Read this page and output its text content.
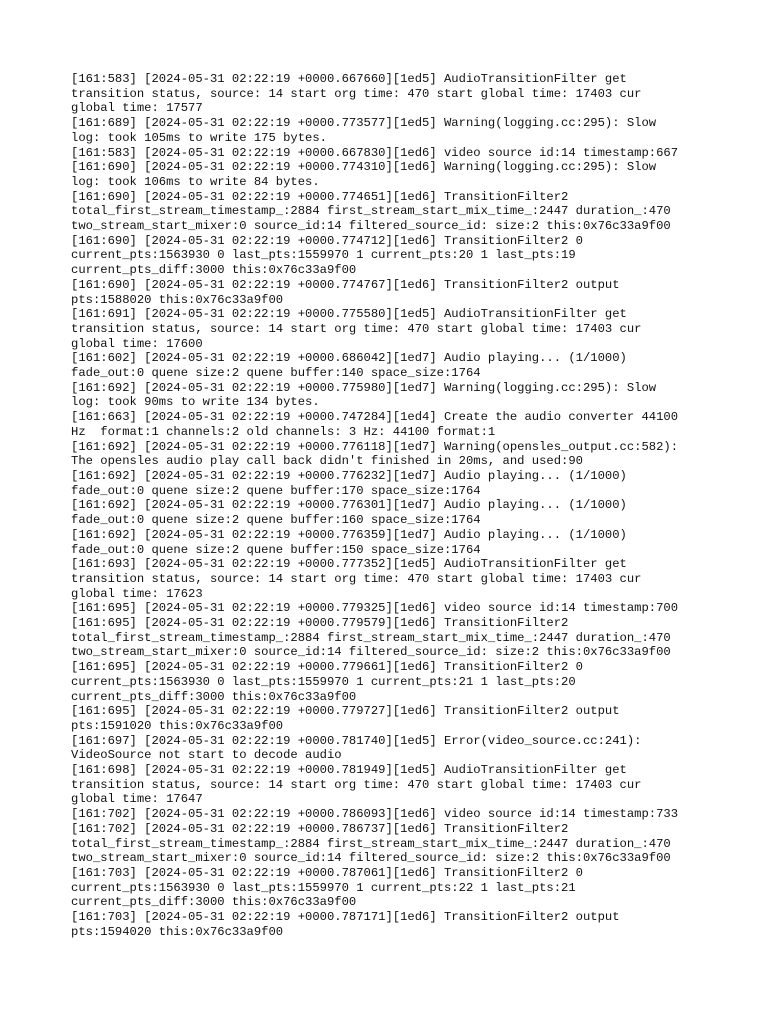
[161:583] [2024-05-31 02:22:19 +0000.667660][1ed5] AudioTransitionFilter get
transition status, source: 14 start org time: 470 start global time: 17403 cur
global time: 17577
[161:689] [2024-05-31 02:22:19 +0000.773577][1ed5] Warning(logging.cc:295): Slow
log: took 105ms to write 175 bytes.
[161:583] [2024-05-31 02:22:19 +0000.667830][1ed6] video source id:14 timestamp:667
[161:690] [2024-05-31 02:22:19 +0000.774310][1ed6] Warning(logging.cc:295): Slow
log: took 106ms to write 84 bytes.
[161:690] [2024-05-31 02:22:19 +0000.774651][1ed6] TransitionFilter2
total_first_stream_timestamp_:2884 first_stream_start_mix_time_:2447 duration_:470
two_stream_start_mixer:0 source_id:14 filtered_source_id: size:2 this:0x76c33a9f00
[161:690] [2024-05-31 02:22:19 +0000.774712][1ed6] TransitionFilter2 0
current_pts:1563930 0 last_pts:1559970 1 current_pts:20 1 last_pts:19
current_pts_diff:3000 this:0x76c33a9f00
[161:690] [2024-05-31 02:22:19 +0000.774767][1ed6] TransitionFilter2 output
pts:1588020 this:0x76c33a9f00
[161:691] [2024-05-31 02:22:19 +0000.775580][1ed5] AudioTransitionFilter get
transition status, source: 14 start org time: 470 start global time: 17403 cur
global time: 17600
[161:602] [2024-05-31 02:22:19 +0000.686042][1ed7] Audio playing... (1/1000)
fade_out:0 quene size:2 quene buffer:140 space_size:1764
[161:692] [2024-05-31 02:22:19 +0000.775980][1ed7] Warning(logging.cc:295): Slow
log: took 90ms to write 134 bytes.
[161:663] [2024-05-31 02:22:19 +0000.747284][1ed4] Create the audio converter 44100
Hz  format:1 channels:2 old channels: 3 Hz: 44100 format:1
[161:692] [2024-05-31 02:22:19 +0000.776118][1ed7] Warning(opensles_output.cc:582):
The opensles audio play call back didn't finished in 20ms, and used:90
[161:692] [2024-05-31 02:22:19 +0000.776232][1ed7] Audio playing... (1/1000)
fade_out:0 quene size:2 quene buffer:170 space_size:1764
[161:692] [2024-05-31 02:22:19 +0000.776301][1ed7] Audio playing... (1/1000)
fade_out:0 quene size:2 quene buffer:160 space_size:1764
[161:692] [2024-05-31 02:22:19 +0000.776359][1ed7] Audio playing... (1/1000)
fade_out:0 quene size:2 quene buffer:150 space_size:1764
[161:693] [2024-05-31 02:22:19 +0000.777352][1ed5] AudioTransitionFilter get
transition status, source: 14 start org time: 470 start global time: 17403 cur
global time: 17623
[161:695] [2024-05-31 02:22:19 +0000.779325][1ed6] video source id:14 timestamp:700
[161:695] [2024-05-31 02:22:19 +0000.779579][1ed6] TransitionFilter2
total_first_stream_timestamp_:2884 first_stream_start_mix_time_:2447 duration_:470
two_stream_start_mixer:0 source_id:14 filtered_source_id: size:2 this:0x76c33a9f00
[161:695] [2024-05-31 02:22:19 +0000.779661][1ed6] TransitionFilter2 0
current_pts:1563930 0 last_pts:1559970 1 current_pts:21 1 last_pts:20
current_pts_diff:3000 this:0x76c33a9f00
[161:695] [2024-05-31 02:22:19 +0000.779727][1ed6] TransitionFilter2 output
pts:1591020 this:0x76c33a9f00
[161:697] [2024-05-31 02:22:19 +0000.781740][1ed5] Error(video_source.cc:241):
VideoSource not start to decode audio
[161:698] [2024-05-31 02:22:19 +0000.781949][1ed5] AudioTransitionFilter get
transition status, source: 14 start org time: 470 start global time: 17403 cur
global time: 17647
[161:702] [2024-05-31 02:22:19 +0000.786093][1ed6] video source id:14 timestamp:733
[161:702] [2024-05-31 02:22:19 +0000.786737][1ed6] TransitionFilter2
total_first_stream_timestamp_:2884 first_stream_start_mix_time_:2447 duration_:470
two_stream_start_mixer:0 source_id:14 filtered_source_id: size:2 this:0x76c33a9f00
[161:703] [2024-05-31 02:22:19 +0000.787061][1ed6] TransitionFilter2 0
current_pts:1563930 0 last_pts:1559970 1 current_pts:22 1 last_pts:21
current_pts_diff:3000 this:0x76c33a9f00
[161:703] [2024-05-31 02:22:19 +0000.787171][1ed6] TransitionFilter2 output
pts:1594020 this:0x76c33a9f00
